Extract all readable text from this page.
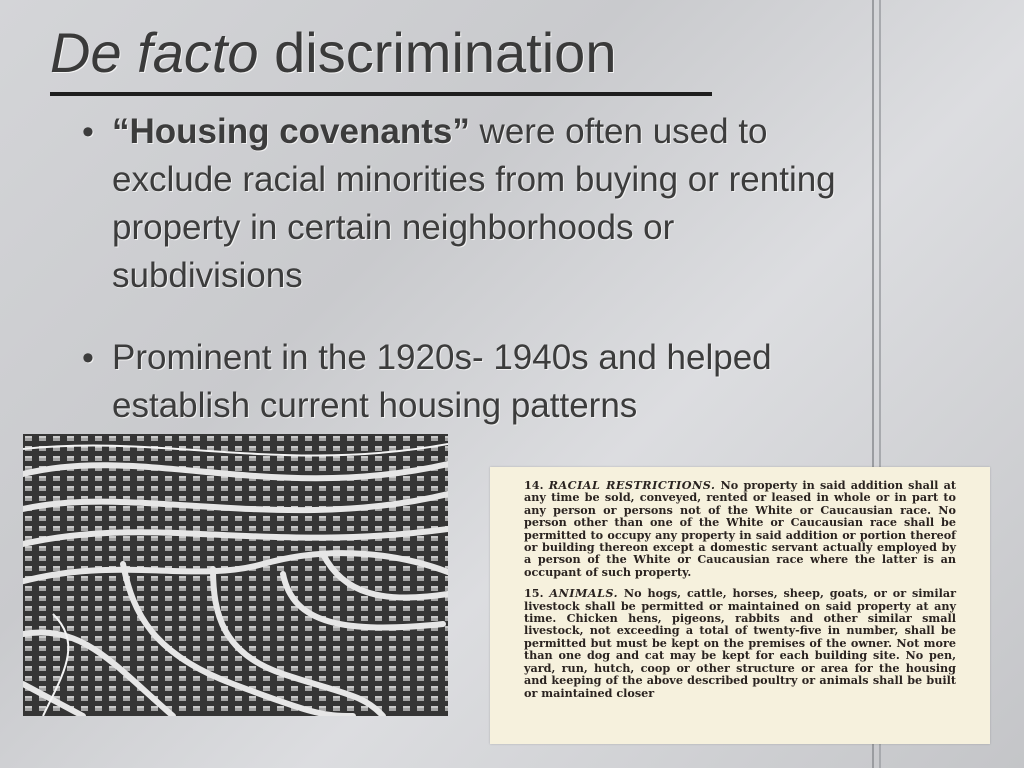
De facto discrimination
• “Housing covenants” were often used to exclude racial minorities from buying or renting property in certain neighborhoods or subdivisions
• Prominent in the 1920s- 1940s and helped establish current housing patterns
14. RACIAL RESTRICTIONS. No property in said addition shall at any time be sold, conveyed, rented or leased in whole or in part to any person or persons not of the White or Caucausian race. No person other than one of the White or Caucausian race shall be permitted to occupy any property in said addition or portion thereof or building thereon except a domestic servant actually employed by a person of the White or Caucausian race where the latter is an occupant of such property.
15. ANIMALS. No hogs, cattle, horses, sheep, goats, or or similar livestock shall be permitted or maintained on said property at any time. Chicken hens, pigeons, rabbits and other similar small livestock, not exceeding a total of twenty-five in number, shall be permitted but must be kept on the premises of the owner. Not more than one dog and cat may be kept for each building site. No pen, yard, run, hutch, coop or other structure or area for the housing and keeping of the above described poultry or animals shall be built or maintained closer
